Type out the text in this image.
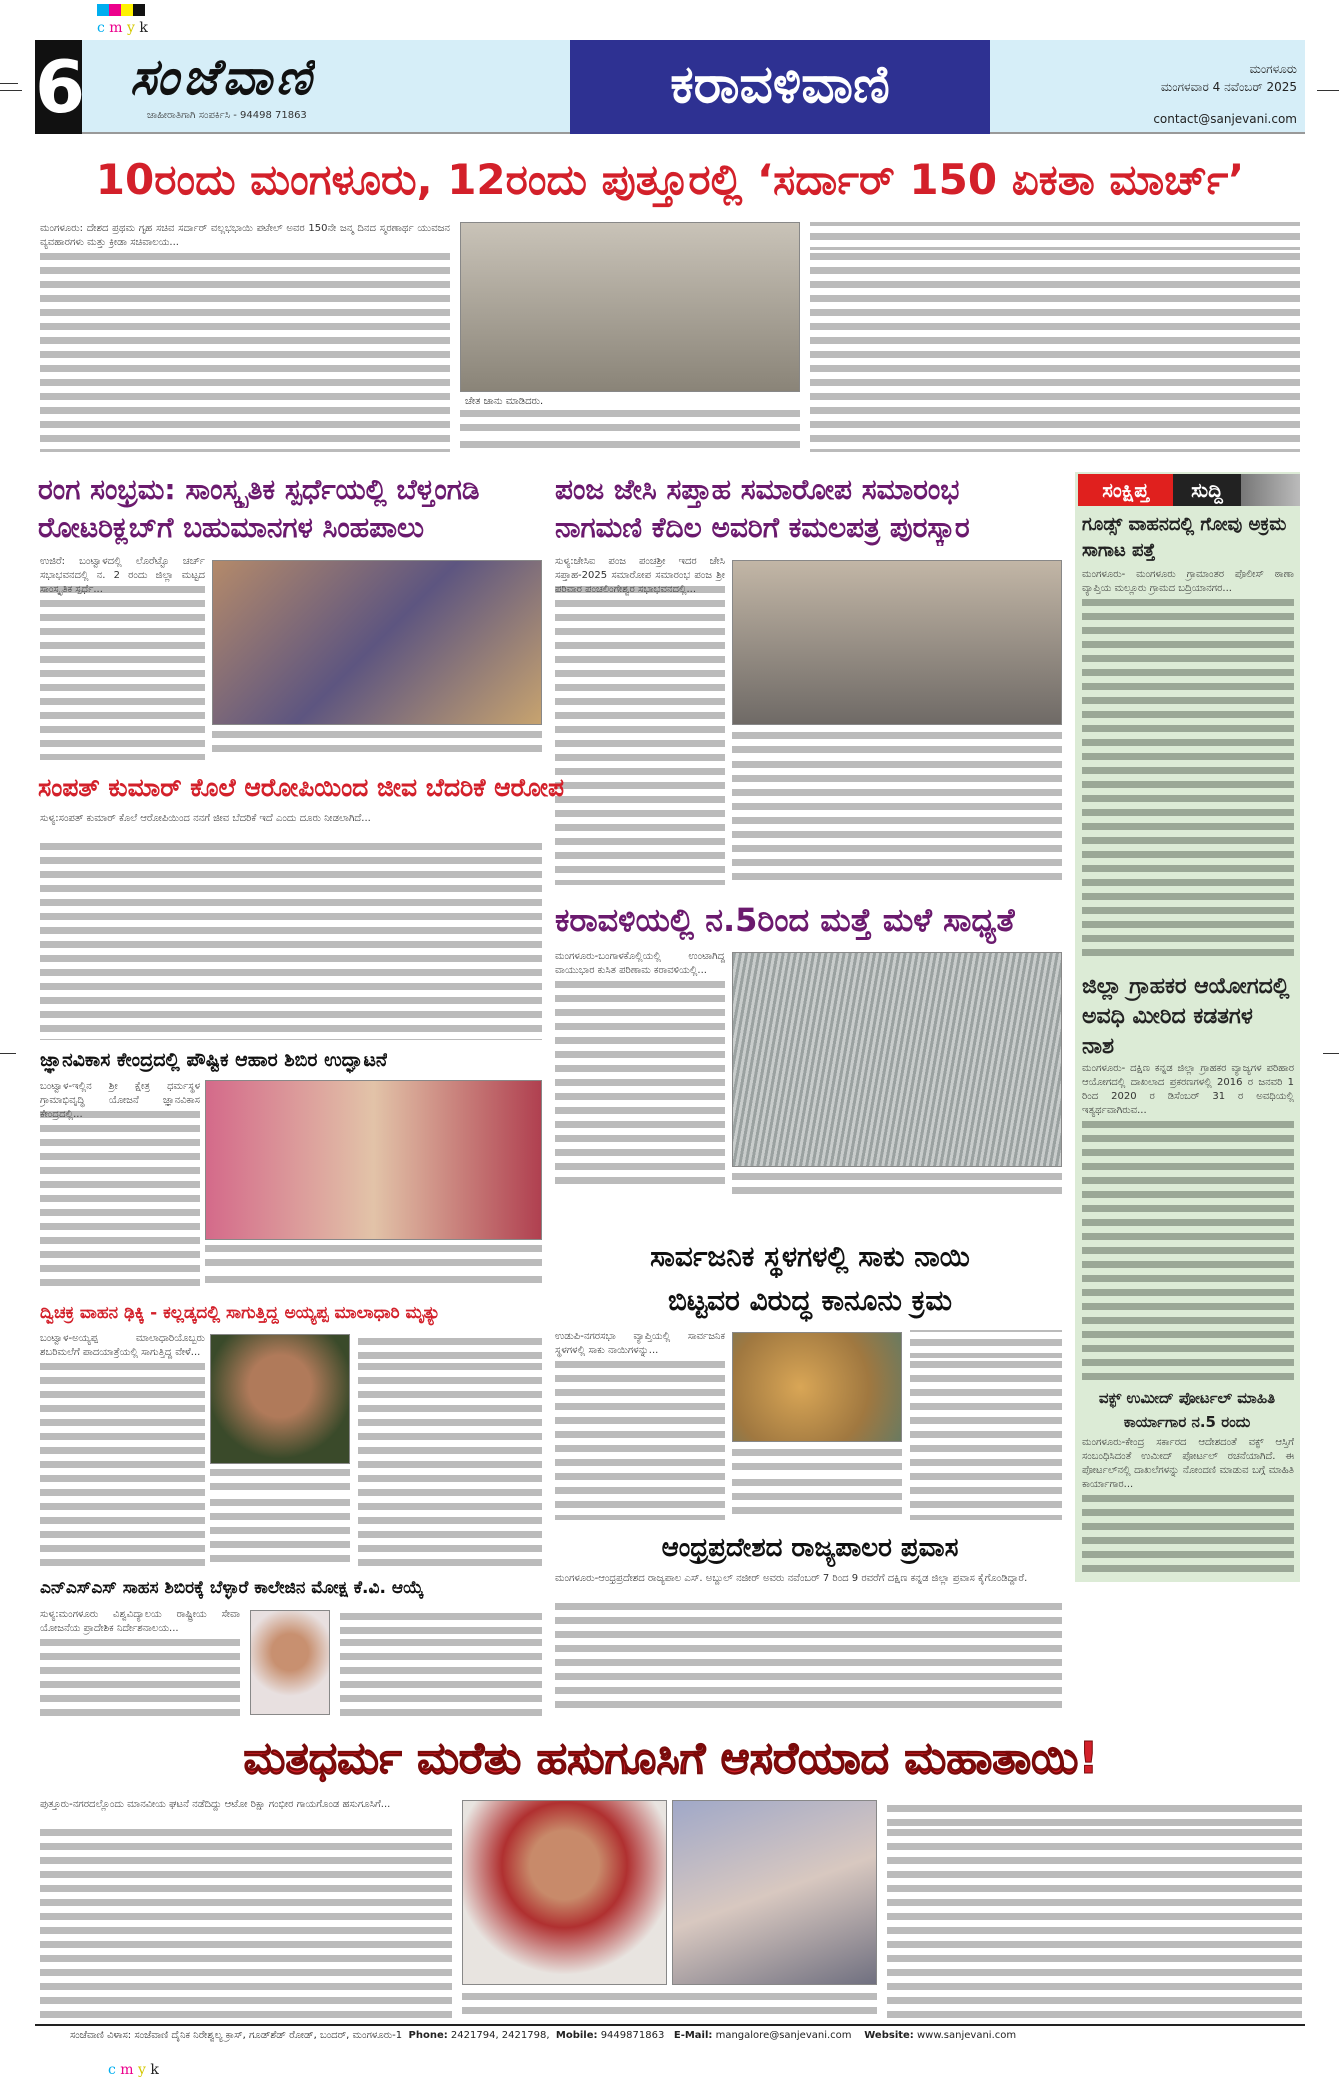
c m y k
6 ಸಂಜೆವಾಣಿ
ಜಾಹೀರಾತಿಗಾಗಿ ಸಂಪರ್ಕಿಸಿ - 94498 71863
ಕರಾವಳಿವಾಣಿ	ಮಂಗಳೂರು
ಮಂಗಳವಾರ 4 ನವೆಂಬರ್ 2025
contact@sanjevani.com
10ರಂದು ಮಂಗಳೂರು, 12ರಂದು ಪುತ್ತೂರಲ್ಲಿ ‘ಸರ್ದಾರ್ 150 ಏಕತಾ ಮಾರ್ಚ್’
ಮಂಗಳೂರು: ದೇಶದ ಪ್ರಥಮ ಗೃಹ ಸಚಿವ ಸರ್ದಾರ್ ವಲ್ಲಭಭಾಯಿ ಪಟೇಲ್ ಅವರ 150ನೇ ಜನ್ಮ ದಿನದ ಸ್ಮರಣಾರ್ಥ ಯುವಜನ ವ್ಯವಹಾರಗಳು ಮತ್ತು ಕ್ರೀಡಾ ಸಚಿವಾಲಯ...
ಚೇತ ಜಾನು ಮಾಡಿದರು.
ರಂಗ ಸಂಭ್ರಮ: ಸಾಂಸ್ಕೃತಿಕ ಸ್ಪರ್ಧೆಯಲ್ಲಿ ಬೆಳ್ತಂಗಡಿ
ರೋಟರಿಕ್ಲಬ್‌ಗೆ ಬಹುಮಾನಗಳ ಸಿಂಹಪಾಲು
ಪಂಜ ಜೇಸಿ ಸಪ್ತಾಹ ಸಮಾರೋಪ ಸಮಾರಂಭ
ನಾಗಮಣಿ ಕೆದಿಲ ಅವರಿಗೆ ಕಮಲಪತ್ರ ಪುರಸ್ಕಾರ
ಉಜಿರೆ: ಬಂಟ್ವಾಳದಲ್ಲಿ ಲೊರೆಟ್ಟೊ ಚರ್ಚ್ ಸಭಾಭವನದಲ್ಲಿ ನ. 2 ರಂದು ಜಿಲ್ಲಾ ಮಟ್ಟದ ಸಾಂಸ್ಕೃತಿಕ ಸ್ಪರ್ಧೆ...
ಸುಳ್ಯ:ಜೇಸಿಐ ಪಂಜ ಪಂಚಶ್ರೀ ಇದರ ಜೇಸಿ ಸಪ್ತಾಹ-2025 ಸಮಾರೋಪ ಸಮಾರಂಭ ಪಂಜ ಶ್ರೀ ಪರಿವಾರ ಪಂಚಲಿಂಗೇಶ್ವರ ಸಭಾಭವನದಲ್ಲಿ...
ಸಂಪತ್ ಕುಮಾರ್ ಕೊಲೆ ಆರೋಪಿಯಿಂದ ಜೀವ ಬೆದರಿಕೆ ಆರೋಪ
ಸುಳ್ಯ:ಸಂಪತ್ ಕುಮಾರ್ ಕೊಲೆ ಆರೋಪಿಯಿಂದ ನನಗೆ ಜೀವ ಬೆದರಿಕೆ ಇದೆ ಎಂದು ದೂರು ನೀಡಲಾಗಿದೆ...
ಕರಾವಳಿಯಲ್ಲಿ ನ.5ರಿಂದ ಮತ್ತೆ ಮಳೆ ಸಾಧ್ಯತೆ
ಮಂಗಳೂರು-ಬಂಗಾಳಕೊಲ್ಲಿಯಲ್ಲಿ ಉಂಟಾಗಿದ್ದ ವಾಯುಭಾರ ಕುಸಿತ ಪರಿಣಾಮ ಕರಾವಳಿಯಲ್ಲಿ...
ಜ್ಞಾನವಿಕಾಸ ಕೇಂದ್ರದಲ್ಲಿ ಪೌಷ್ಟಿಕ ಆಹಾರ ಶಿಬಿರ ಉದ್ಘಾಟನೆ
ಬಂಟ್ವಾಳ-ಇಲ್ಲಿನ ಶ್ರೀ ಕ್ಷೇತ್ರ ಧರ್ಮಸ್ಥಳ ಗ್ರಾಮಾಭಿವೃದ್ಧಿ ಯೋಜನೆ ಜ್ಞಾನವಿಕಾಸ ಕೇಂದ್ರದಲ್ಲಿ...
ಸಾರ್ವಜನಿಕ ಸ್ಥಳಗಳಲ್ಲಿ ಸಾಕು ನಾಯಿ
ಬಿಟ್ಟವರ ವಿರುದ್ಧ ಕಾನೂನು ಕ್ರಮ
ಉಡುಪಿ-ನಗರಸಭಾ ವ್ಯಾಪ್ತಿಯಲ್ಲಿ ಸಾರ್ವಜನಿಕ ಸ್ಥಳಗಳಲ್ಲಿ ಸಾಕು ನಾಯಿಗಳನ್ನು...
ದ್ವಿಚಕ್ರ ವಾಹನ ಢಿಕ್ಕಿ - ಕಲ್ಲಡ್ಕದಲ್ಲಿ ಸಾಗುತ್ತಿದ್ದ ಅಯ್ಯಪ್ಪ ಮಾಲಾಧಾರಿ ಮೃತ್ಯು
ಬಂಟ್ವಾಳ-ಅಯ್ಯಪ್ಪ ಮಾಲಾಧಾರಿಯೊಬ್ಬರು ಶಬರಿಮಲೆಗೆ ಪಾದಯಾತ್ರೆಯಲ್ಲಿ ಸಾಗುತ್ತಿದ್ದ ವೇಳೆ...
ಆಂಧ್ರಪ್ರದೇಶದ ರಾಜ್ಯಪಾಲರ ಪ್ರವಾಸ
ಮಂಗಳೂರು-ಆಂಧ್ರಪ್ರದೇಶದ ರಾಜ್ಯಪಾಲ ಎಸ್. ಅಬ್ದುಲ್ ನಜೀರ್ ಅವರು ನವೆಂಬರ್ 7 ರಿಂದ 9 ರವರೆಗೆ ದಕ್ಷಿಣ ಕನ್ನಡ ಜಿಲ್ಲಾ ಪ್ರವಾಸ ಕೈಗೊಂಡಿದ್ದಾರೆ.
ಎನ್‌ಎಸ್‌ಎಸ್ ಸಾಹಸ ಶಿಬಿರಕ್ಕೆ ಬೆಳ್ಳಾರೆ ಕಾಲೇಜಿನ ಮೋಕ್ಷ ಕೆ.ವಿ. ಆಯ್ಕೆ
ಸುಳ್ಯ:ಮಂಗಳೂರು ವಿಶ್ವವಿದ್ಯಾಲಯ ರಾಷ್ಟ್ರೀಯ ಸೇವಾ ಯೋಜನೆಯ ಪ್ರಾದೇಶಿಕ ನಿರ್ದೇಶನಾಲಯ...
ಸಂಕ್ಷಿಪ್ತ	ಸುದ್ದಿ
ಗೂಡ್ಸ್ ವಾಹನದಲ್ಲಿ ಗೋವು ಅಕ್ರಮ ಸಾಗಾಟ ಪತ್ತೆ
ಮಂಗಳೂರು- ಮಂಗಳೂರು ಗ್ರಾಮಾಂತರ ಪೊಲೀಸ್ ಠಾಣಾ ವ್ಯಾಪ್ತಿಯ ಮಲ್ಲೂರು ಗ್ರಾಮದ ಬದ್ರಿಯಾನಗರ...
ಜಿಲ್ಲಾ ಗ್ರಾಹಕರ ಆಯೋಗದಲ್ಲಿ ಅವಧಿ ಮೀರಿದ ಕಡತಗಳ ನಾಶ
ಮಂಗಳೂರು- ದಕ್ಷಿಣ ಕನ್ನಡ ಜಿಲ್ಲಾ ಗ್ರಾಹಕರ ವ್ಯಾಜ್ಯಗಳ ಪರಿಹಾರ ಆಯೋಗದಲ್ಲಿ ದಾಖಲಾದ ಪ್ರಕರಣಗಳಲ್ಲಿ 2016 ರ ಜನವರಿ 1 ರಿಂದ 2020 ರ ಡಿಸೆಂಬರ್ 31 ರ ಅವಧಿಯಲ್ಲಿ ಇತ್ಯರ್ಥವಾಗಿರುವ...
ವಕ್ಫ್ ಉಮೀದ್ ಪೋರ್ಟಲ್ ಮಾಹಿತಿ ಕಾರ್ಯಾಗಾರ ನ.5 ರಂದು
ಮಂಗಳೂರು-ಕೇಂದ್ರ ಸರ್ಕಾರದ ಆದೇಶದಂತೆ ವಕ್ಫ್ ಆಸ್ತಿಗೆ ಸಂಬಂಧಿಸಿದಂತೆ ಉಮೀದ್ ಪೋರ್ಟಲ್ ರಚನೆಯಾಗಿದೆ. ಈ ಪೋರ್ಟಲ್‌ನಲ್ಲಿ ದಾಖಲೆಗಳನ್ನು ನೋಂದಣಿ ಮಾಡುವ ಬಗ್ಗೆ ಮಾಹಿತಿ ಕಾರ್ಯಾಗಾರ...
ಮತಧರ್ಮ ಮರೆತು ಹಸುಗೂಸಿಗೆ ಆಸರೆಯಾದ ಮಹಾತಾಯಿ!
ಪುತ್ತೂರು-ನಗರದಲ್ಲೊಂದು ಮಾನವೀಯ ಘಟನೆ ನಡೆದಿದ್ದು ಆಟೋ ರಿಕ್ಷಾ ಗಂಭೀರ ಗಾಯಗೊಂಡ ಹಸುಗೂಸಿಗೆ...
ಸಂಜೆವಾಣಿ ವಿಳಾಸ: ಸಂಜೆವಾಣಿ ದೈನಿಕ ನಿರೇಶ್ವಲ್ಯ ಕ್ರಾಸ್, ಗೂಡ್‌ಶೆಡ್ ರೋಡ್, ಬಂದರ್, ಮಂಗಳೂರು-1 Phone: 2421794, 2421798, Mobile: 9449871863 E-Mail: mangalore@sanjevani.com Website: www.sanjevani.com
c m y k
